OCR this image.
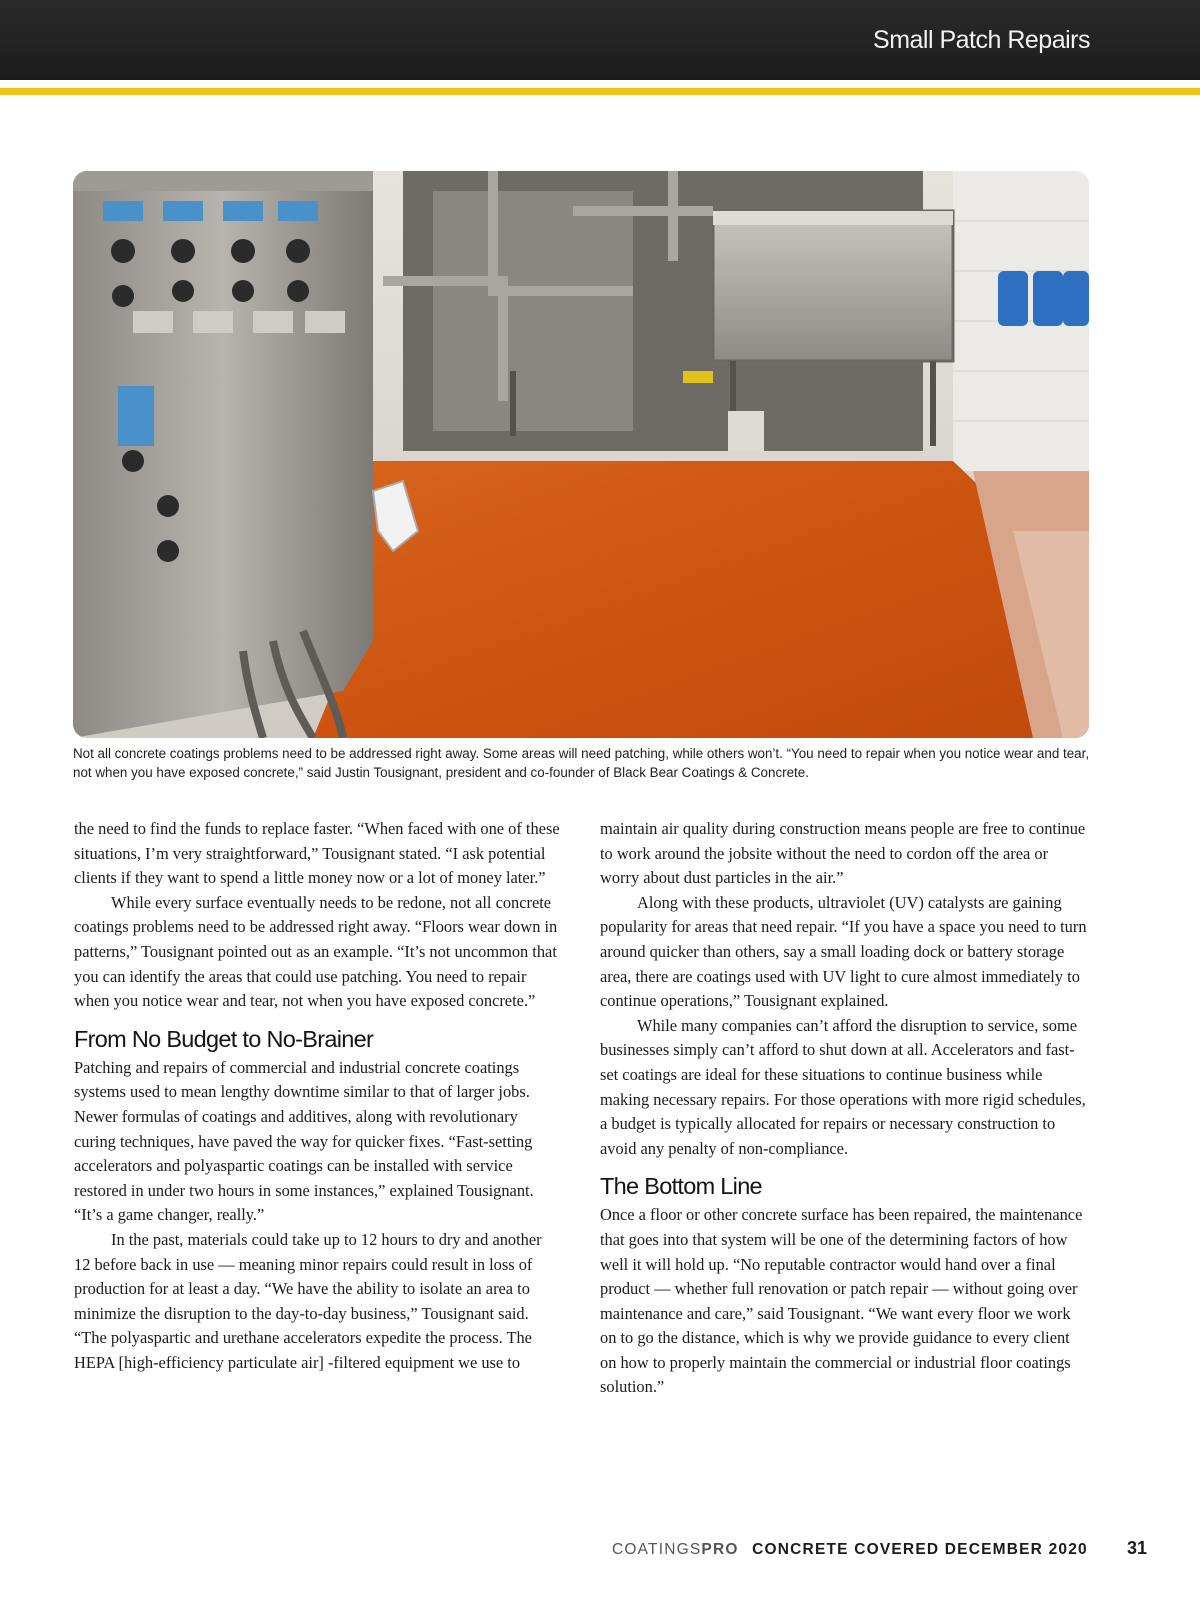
Small Patch Repairs
Not all concrete coatings problems need to be addressed right away. Some areas will need patching, while others won’t. “You need to repair when you notice wear and tear, not when you have exposed concrete,” said Justin Tousignant, president and co-founder of Black Bear Coatings & Concrete.

the need to find the funds to replace faster. “When faced with one of these situations, I’m very straightforward,” Tousignant stated. “I ask potential clients if they want to spend a little money now or a lot of money later.”

While every surface eventually needs to be redone, not all concrete coatings problems need to be addressed right away. “Floors wear down in patterns,” Tousignant pointed out as an example. “It’s not uncommon that you can identify the areas that could use patching. You need to repair when you notice wear and tear, not when you have exposed concrete.”

From No Budget to No-Brainer

Patching and repairs of commercial and industrial concrete coatings systems used to mean lengthy downtime similar to that of larger jobs. Newer formulas of coatings and additives, along with revolutionary curing techniques, have paved the way for quicker fixes. “Fast-setting accelerators and polyaspartic coatings can be installed with service restored in under two hours in some instances,” explained Tousignant. “It’s a game changer, really.”

In the past, materials could take up to 12 hours to dry and another 12 before back in use — meaning minor repairs could result in loss of production for at least a day. “We have the ability to isolate an area to minimize the disruption to the day-to-day business,” Tousignant said. “The polyaspartic and urethane accelerators expedite the process. The HEPA [high-efficiency particulate air] -filtered equipment we use to

maintain air quality during construction means people are free to continue to work around the jobsite without the need to cordon off the area or worry about dust particles in the air.”

Along with these products, ultraviolet (UV) catalysts are gaining popularity for areas that need repair. “If you have a space you need to turn around quicker than others, say a small loading dock or battery storage area, there are coatings used with UV light to cure almost immediately to continue operations,” Tousignant explained.

While many companies can’t afford the disruption to service, some businesses simply can’t afford to shut down at all. Accelerators and fast-set coatings are ideal for these situations to continue business while making necessary repairs. For those operations with more rigid schedules, a budget is typically allocated for repairs or necessary construction to avoid any penalty of non-compliance.

The Bottom Line

Once a floor or other concrete surface has been repaired, the maintenance that goes into that system will be one of the determining factors of how well it will hold up. “No reputable contractor would hand over a final product — whether full renovation or patch repair — without going over maintenance and care,” said Tousignant. “We want every floor we work on to go the distance, which is why we provide guidance to every client on how to properly maintain the commercial or industrial floor coatings solution.”

COATINGSPRO CONCRETE COVERED DECEMBER 2020 31
